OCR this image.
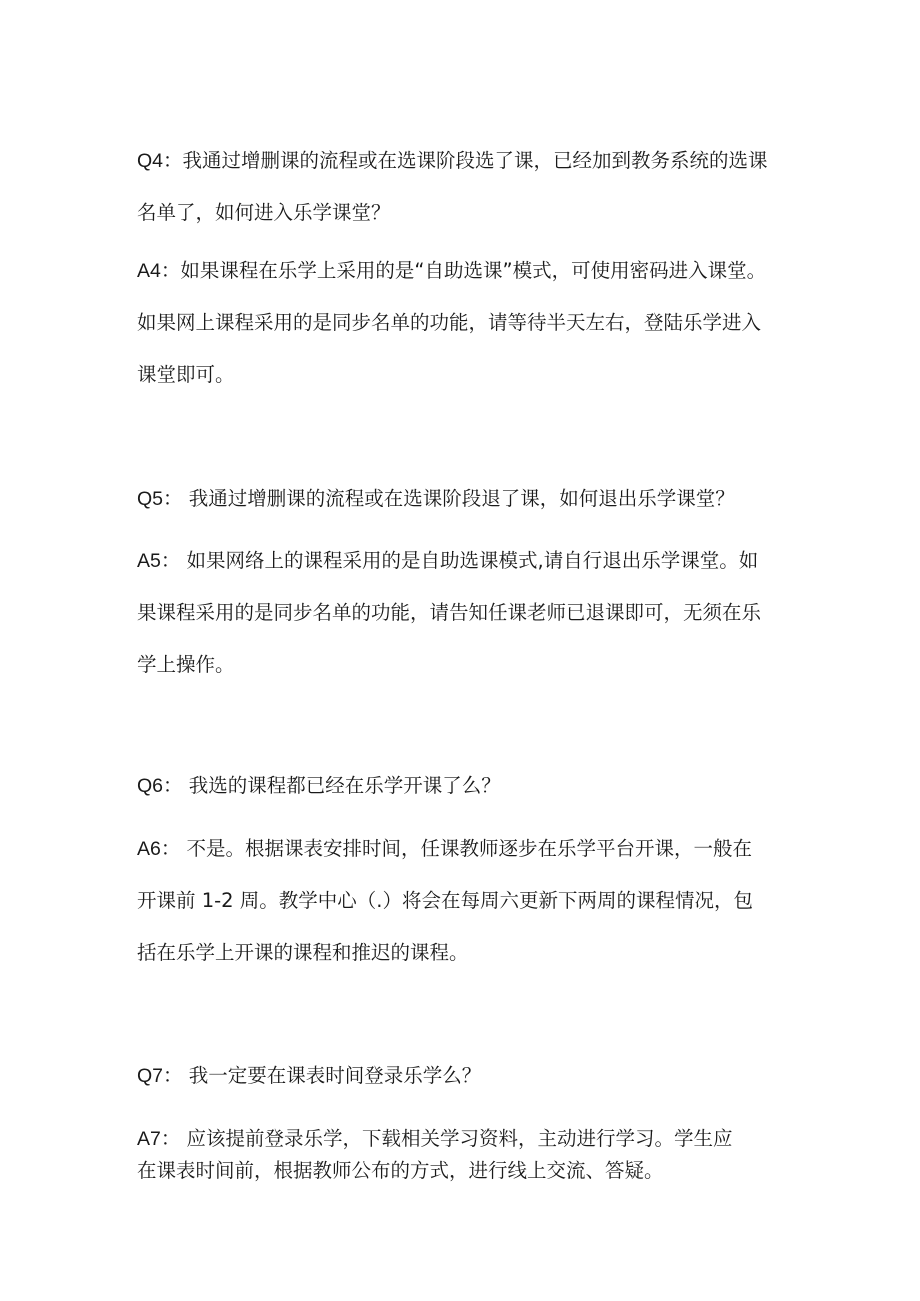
Q4：我通过增删课的流程或在选课阶段选了课，已经加到教务系统的选课
名单了，如何进入乐学课堂？
A4：如果课程在乐学上采用的是“自助选课”模式，可使用密码进入课堂。
如果网上课程采用的是同步名单的功能，请等待半天左右，登陆乐学进入
课堂即可。
Q5： 我通过增删课的流程或在选课阶段退了课，如何退出乐学课堂？
A5： 如果网络上的课程采用的是自助选课模式,请自行退出乐学课堂。如
果课程采用的是同步名单的功能，请告知任课老师已退课即可，无须在乐
学上操作。
Q6： 我选的课程都已经在乐学开课了么？
A6： 不是。根据课表安排时间，任课教师逐步在乐学平台开课，一般在
开课前 1-2 周。教学中心（.）将会在每周六更新下两周的课程情况，包
括在乐学上开课的课程和推迟的课程。
Q7： 我一定要在课表时间登录乐学么？
A7： 应该提前登录乐学，下载相关学习资料，主动进行学习。学生应
在课表时间前，根据教师公布的方式，进行线上交流、答疑。
